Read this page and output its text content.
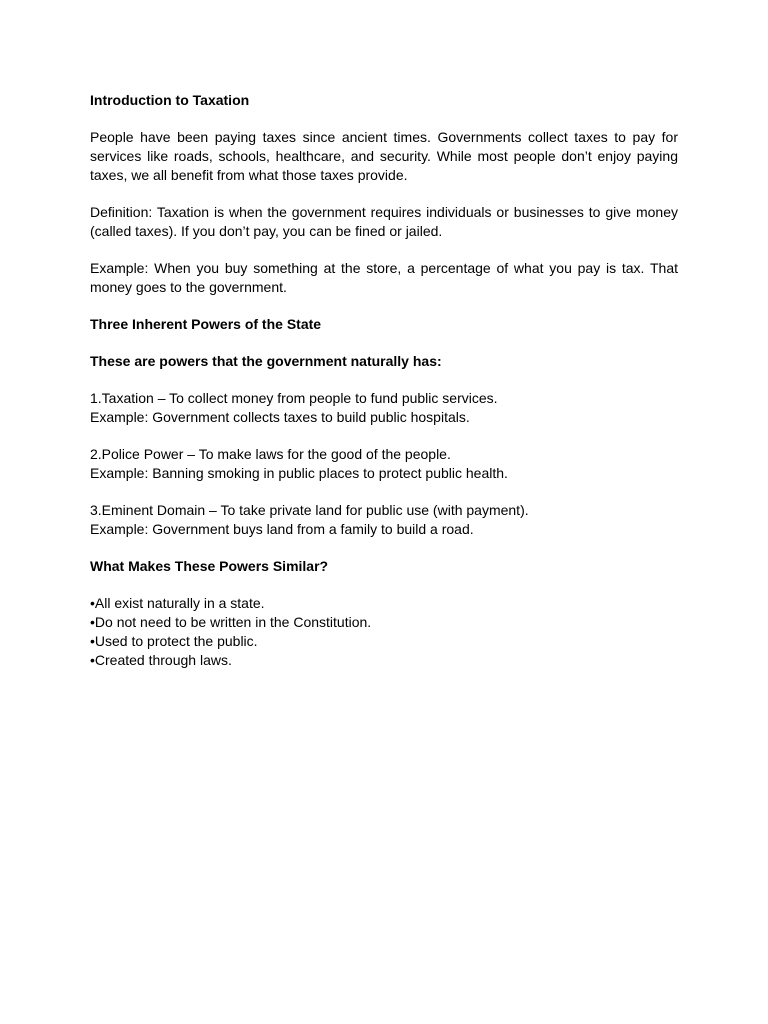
Introduction to Taxation

People have been paying taxes since ancient times. Governments collect taxes to pay for services like roads, schools, healthcare, and security. While most people don’t enjoy paying taxes, we all benefit from what those taxes provide.

Definition: Taxation is when the government requires individuals or businesses to give money (called taxes). If you don’t pay, you can be fined or jailed.

Example: When you buy something at the store, a percentage of what you pay is tax. That money goes to the government.

Three Inherent Powers of the State

These are powers that the government naturally has:

1.Taxation – To collect money from people to fund public services.
Example: Government collects taxes to build public hospitals.
2.Police Power – To make laws for the good of the people.
Example: Banning smoking in public places to protect public health.
3.Eminent Domain – To take private land for public use (with payment).
Example: Government buys land from a family to build a road.

What Makes These Powers Similar?

•All exist naturally in a state.
•Do not need to be written in the Constitution.
•Used to protect the public.
•Created through laws.
